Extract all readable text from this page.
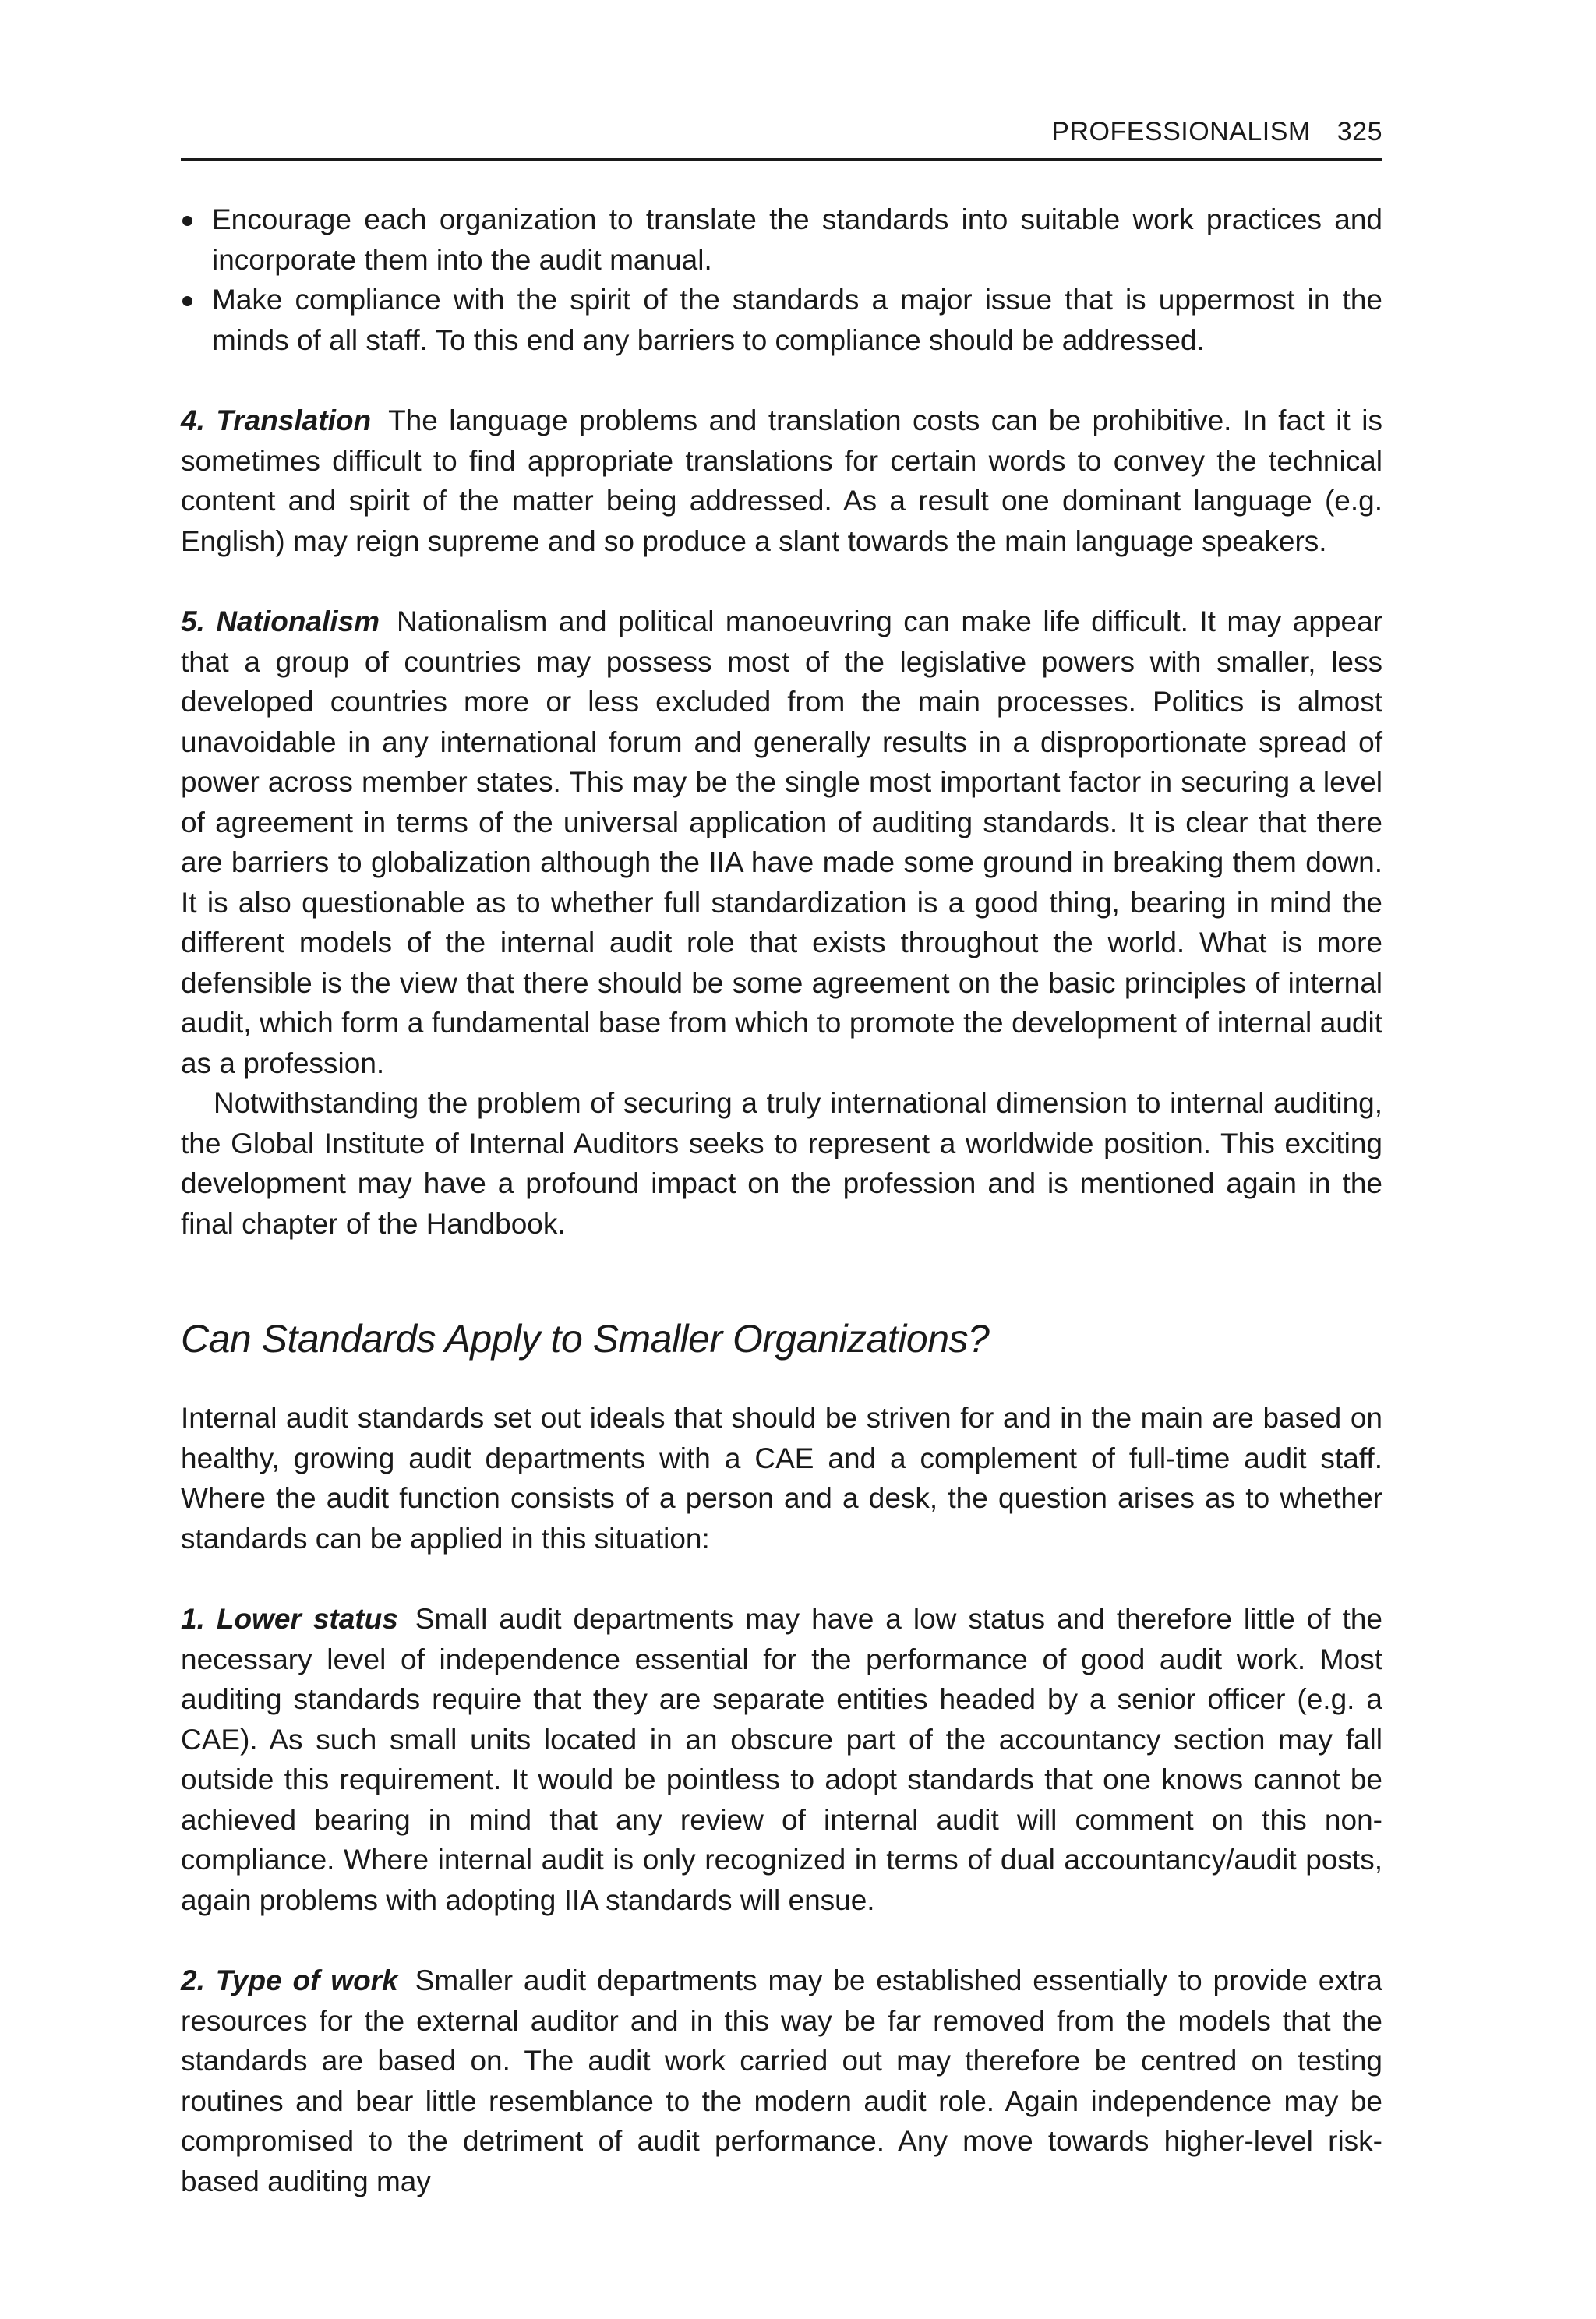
PROFESSIONALISM 325
Encourage each organization to translate the standards into suitable work practices and incorporate them into the audit manual.
Make compliance with the spirit of the standards a major issue that is uppermost in the minds of all staff. To this end any barriers to compliance should be addressed.

4. Translation The language problems and translation costs can be prohibitive. In fact it is sometimes difficult to find appropriate translations for certain words to convey the technical content and spirit of the matter being addressed. As a result one dominant language (e.g. English) may reign supreme and so produce a slant towards the main language speakers.

5. Nationalism Nationalism and political manoeuvring can make life difficult. It may appear that a group of countries may possess most of the legislative powers with smaller, less developed countries more or less excluded from the main processes. Politics is almost unavoidable in any international forum and generally results in a disproportionate spread of power across member states. This may be the single most important factor in securing a level of agreement in terms of the universal application of auditing standards. It is clear that there are barriers to globalization although the IIA have made some ground in breaking them down. It is also questionable as to whether full standardization is a good thing, bearing in mind the different models of the internal audit role that exists throughout the world. What is more defensible is the view that there should be some agreement on the basic principles of internal audit, which form a fundamental base from which to promote the development of internal audit as a profession.

Notwithstanding the problem of securing a truly international dimension to internal auditing, the Global Institute of Internal Auditors seeks to represent a worldwide position. This exciting development may have a profound impact on the profession and is mentioned again in the final chapter of the Handbook.

Can Standards Apply to Smaller Organizations?

Internal audit standards set out ideals that should be striven for and in the main are based on healthy, growing audit departments with a CAE and a complement of full-time audit staff. Where the audit function consists of a person and a desk, the question arises as to whether standards can be applied in this situation:

1. Lower status Small audit departments may have a low status and therefore little of the necessary level of independence essential for the performance of good audit work. Most auditing standards require that they are separate entities headed by a senior officer (e.g. a CAE). As such small units located in an obscure part of the accountancy section may fall outside this requirement. It would be pointless to adopt standards that one knows cannot be achieved bearing in mind that any review of internal audit will comment on this non-compliance. Where internal audit is only recognized in terms of dual accountancy/audit posts, again problems with adopting IIA standards will ensue.

2. Type of work Smaller audit departments may be established essentially to provide extra resources for the external auditor and in this way be far removed from the models that the standards are based on. The audit work carried out may therefore be centred on testing routines and bear little resemblance to the modern audit role. Again independence may be compromised to the detriment of audit performance. Any move towards higher-level risk-based auditing may
